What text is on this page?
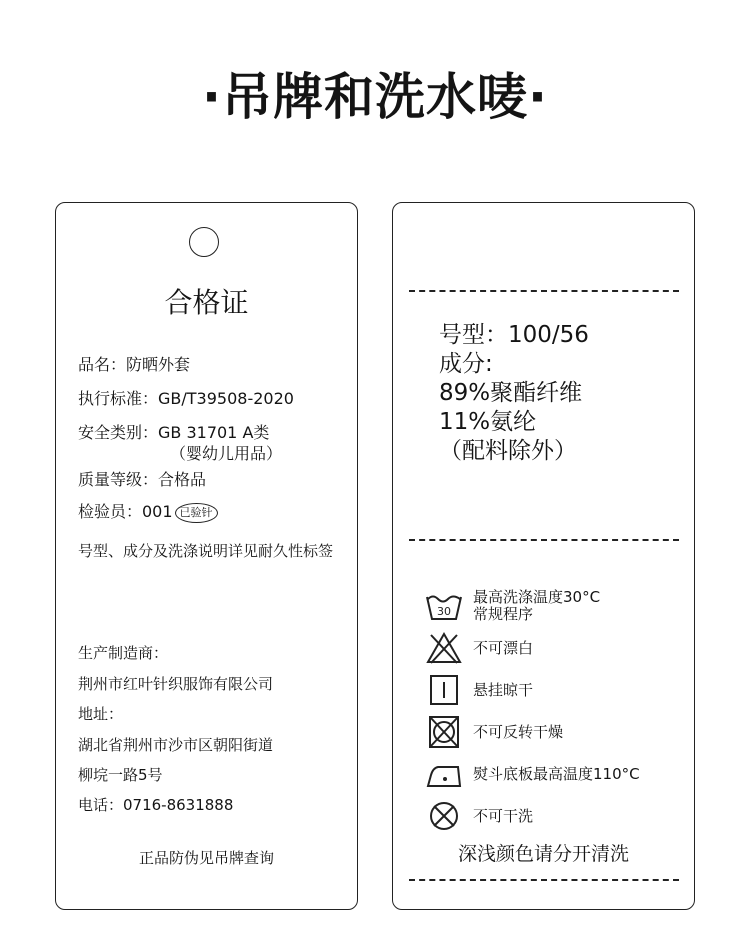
·吊牌和洗水唛·
合格证
品名：防晒外套
执行标准：GB/T39508-2020
安全类别：GB 31701 A类
（婴幼儿用品）
质量等级：合格品
检验员：001 已验针
号型、成分及洗涤说明详见耐久性标签
生产制造商：
荆州市红叶针织服饰有限公司
地址：
湖北省荆州市沙市区朝阳街道
柳垸一路5号
电话：0716-8631888
正品防伪见吊牌查询
号型：100/56
成分:
89%聚酯纤维
11%氨纶
（配料除外）
30
最高洗涤温度30°C
常规程序
不可漂白
悬挂晾干
不可反转干燥
熨斗底板最高温度110°C
不可干洗
深浅颜色请分开清洗
